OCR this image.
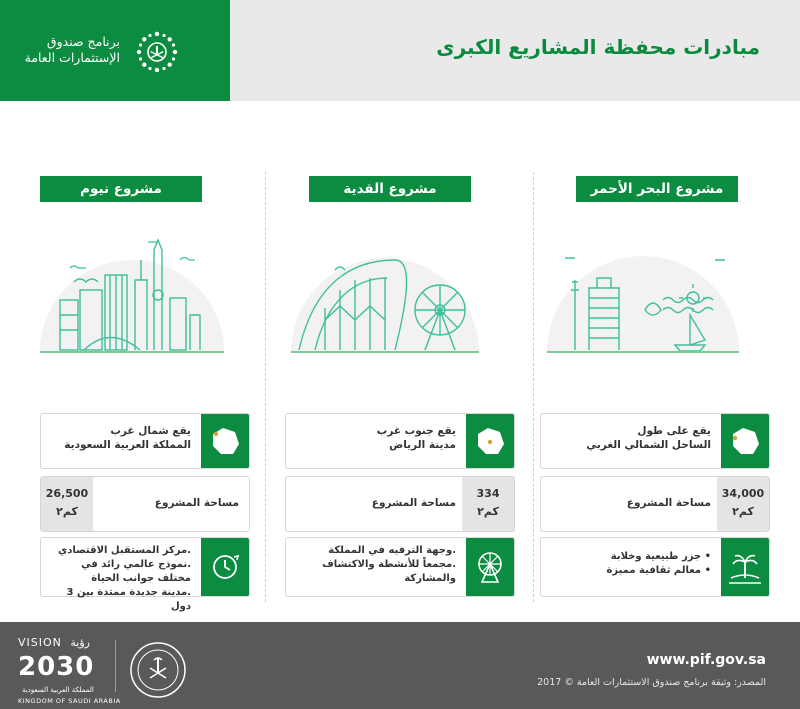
مبادرات محفظة المشاريع الكبرى
برنامج صندوق
الإستثمارات العامة
مشروع نيوم
يقع شمال غرب
المملكة العربية السعودية
26,500
كم٢
مساحة المشروع
.مركز المستقبل الاقتصادي
.نموذج عالمي رائد في مختلف جوانب الحياة
.مدينة جديدة ممتدة بين 3 دول
مشروع القدية
يقع جنوب غرب
مدينة الرياض
334
كم٢
مساحة المشروع
.وجهة الترفيه في المملكة
.مجمعاً للأنشطة والاكتشاف
والمشاركة
مشروع البحر الأحمر
يقع على طول
الساحل الشمالي الغربي
34,000
كم٢
مساحة المشروع
• جزر طبيعية وخلابة
• معالم ثقافية مميزة
VISION رؤية
2030
المملكة العربية السعودية
KINGDOM OF SAUDI ARABIA
www.pif.gov.sa
المصدر: وثيقة برنامج صندوق الاستثمارات العامة © 2017
